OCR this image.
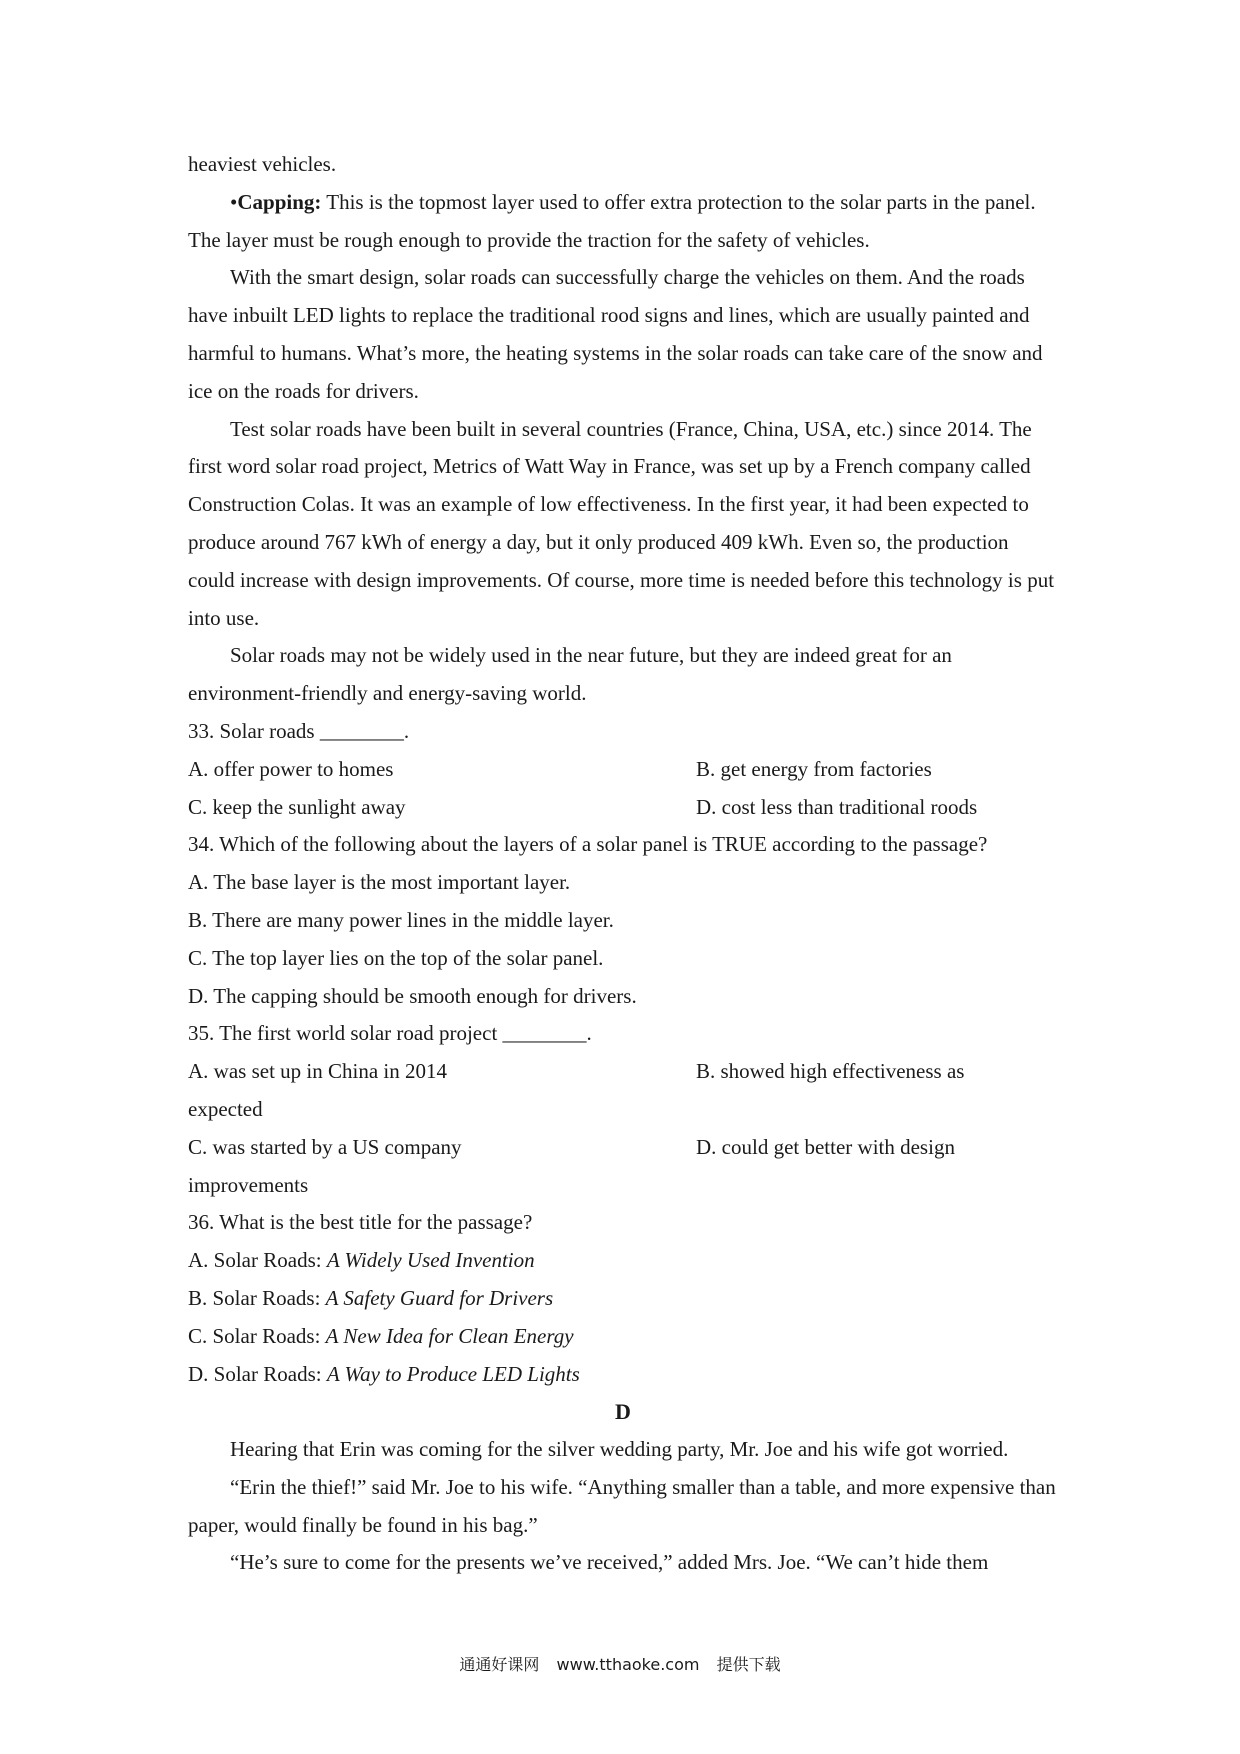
heaviest vehicles.

•Capping: This is the topmost layer used to offer extra protection to the solar parts in the panel. The layer must be rough enough to provide the traction for the safety of vehicles.

With the smart design, solar roads can successfully charge the vehicles on them. And the roads have inbuilt LED lights to replace the traditional rood signs and lines, which are usually painted and harmful to humans. What’s more, the heating systems in the solar roads can take care of the snow and ice on the roads for drivers.

Test solar roads have been built in several countries (France, China, USA, etc.) since 2014. The first word solar road project, Metrics of Watt Way in France, was set up by a French company called Construction Colas. It was an example of low effectiveness. In the first year, it had been expected to produce around 767 kWh of energy a day, but it only produced 409 kWh. Even so, the production could increase with design improvements. Of course, more time is needed before this technology is put into use.

Solar roads may not be widely used in the near future, but they are indeed great for an environment-friendly and energy-saving world.

33. Solar roads ________.

A. offer power to homes	B. get energy from factories
C. keep the sunlight away	D. cost less than traditional roods

34. Which of the following about the layers of a solar panel is TRUE according to the passage?

A. The base layer is the most important layer.

B. There are many power lines in the middle layer.

C. The top layer lies on the top of the solar panel.

D. The capping should be smooth enough for drivers.

35. The first world solar road project ________.

A. was set up in China in 2014	B. showed high effectiveness as

expected

C. was started by a US company	D. could get better with design

improvements

36. What is the best title for the passage?

A. Solar Roads: A Widely Used Invention

B. Solar Roads: A Safety Guard for Drivers

C. Solar Roads: A New Idea for Clean Energy

D. Solar Roads: A Way to Produce LED Lights

D

Hearing that Erin was coming for the silver wedding party, Mr. Joe and his wife got worried.

“Erin the thief!” said Mr. Joe to his wife. “Anything smaller than a table, and more expensive than paper, would finally be found in his bag.”

“He’s sure to come for the presents we’ve received,” added Mrs. Joe. “We can’t hide them

通通好课网 www.tthaoke.com 提供下载
